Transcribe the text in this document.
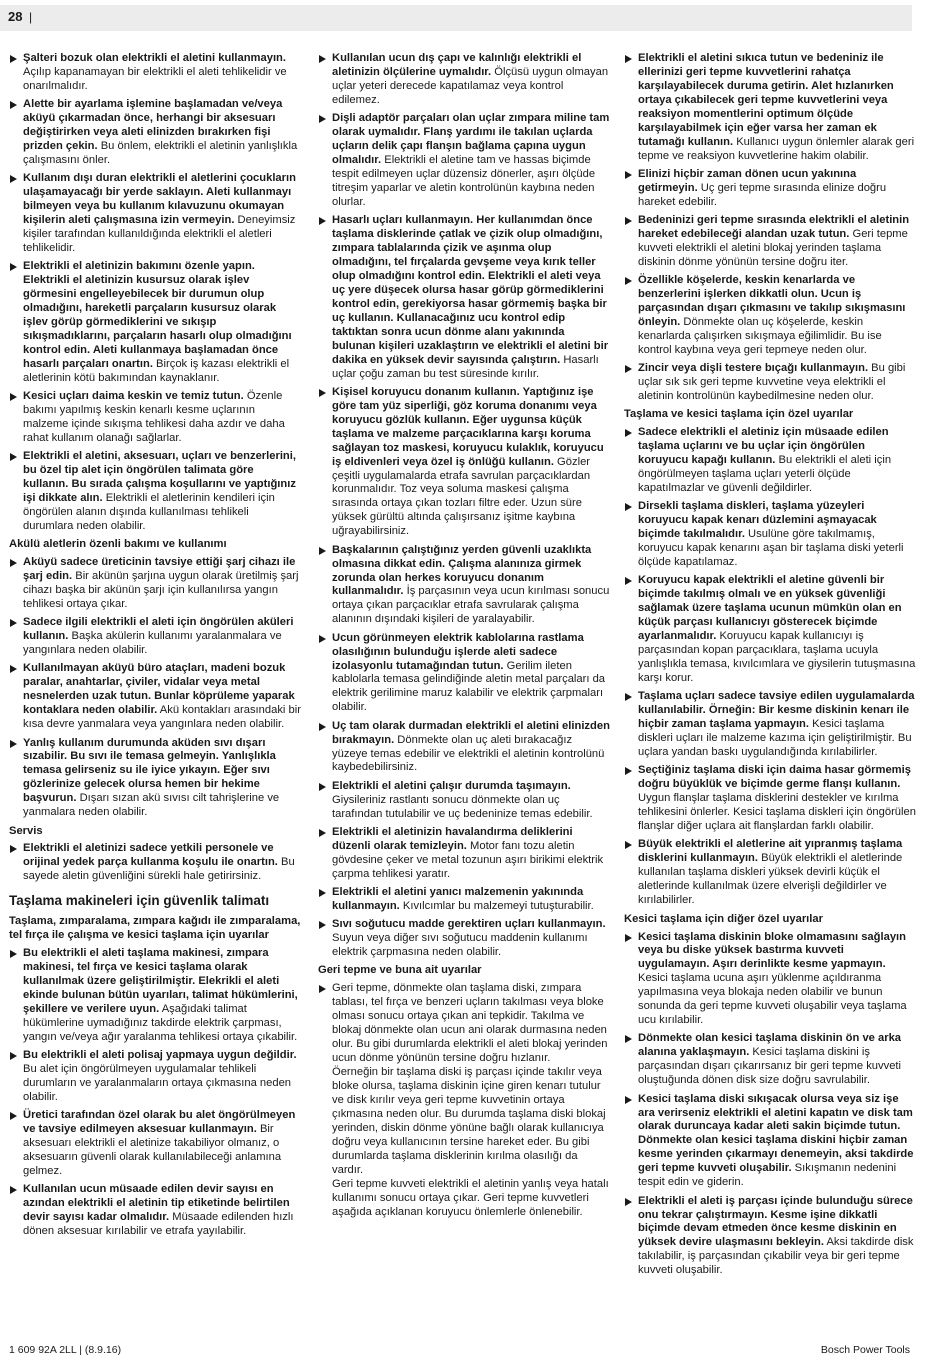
28 |
Şalteri bozuk olan elektrikli el aletini kullanmayın. Açılıp kapanamayan bir elektrikli el aleti tehlikelidir ve onarılmalıdır.
Alette bir ayarlama işlemine başlamadan ve/veya aküyü çıkarmadan önce, herhangi bir aksesuarı değiştirirken veya aleti elinizden bırakırken fişi prizden çekin. Bu önlem, elektrikli el aletinin yanlışlıkla çalışmasını önler.
Kullanım dışı duran elektrikli el aletlerini çocukların ulaşamayacağı bir yerde saklayın. Aleti kullanmayı bilmeyen veya bu kullanım kılavuzunu okumayan kişilerin aleti çalışmasına izin vermeyin. Deneyimsiz kişiler tarafından kullanıldığında elektrikli el aletleri tehlikelidir.
Elektrikli el aletinizin bakımını özenle yapın. Elektrikli el aletinizin kusursuz olarak işlev görmesini engelleyebilecek bir durumun olup olmadığını, hareketli parçaların kusursuz olarak işlev görüp görmediklerini ve sıkışıp sıkışmadıklarını, parçaların hasarlı olup olmadığını kontrol edin. Aleti kullanmaya başlamadan önce hasarlı parçaları onartın. Birçok iş kazası elektrikli el aletlerinin kötü bakımından kaynaklanır.
Kesici uçları daima keskin ve temiz tutun. Özenle bakımı yapılmış keskin kenarlı kesme uçlarının malzeme içinde sıkışma tehlikesi daha azdır ve daha rahat kullanım olanağı sağlarlar.
Elektrikli el aletini, aksesuarı, uçları ve benzerlerini, bu özel tip alet için öngörülen talimata göre kullanın. Bu sırada çalışma koşullarını ve yaptığınız işi dikkate alın. Elektrikli el aletlerinin kendileri için öngörülen alanın dışında kullanılması tehlikeli durumlara neden olabilir.
Akülü aletlerin özenli bakımı ve kullanımı
Aküyü sadece üreticinin tavsiye ettiği şarj cihazı ile şarj edin. Bir akünün şarjına uygun olarak üretilmiş şarj cihazı başka bir akünün şarjı için kullanılırsa yangın tehlikesi ortaya çıkar.
Sadece ilgili elektrikli el aleti için öngörülen aküleri kullanın. Başka akülerin kullanımı yaralanmalara ve yangınlara neden olabilir.
Kullanılmayan aküyü büro ataçları, madeni bozuk paralar, anahtarlar, çiviler, vidalar veya metal nesnelerden uzak tutun. Bunlar köprüleme yaparak kontaklara neden olabilir. Akü kontakları arasındaki bir kısa devre yanmalara veya yangınlara neden olabilir.
Yanlış kullanım durumunda aküden sıvı dışarı sızabilir. Bu sıvı ile temasa gelmeyin. Yanlışlıkla temasa gelirseniz su ile iyice yıkayın. Eğer sıvı gözlerinize gelecek olursa hemen bir hekime başvurun. Dışarı sızan akü sıvısı cilt tahrişlerine ve yanmalara neden olabilir.
Servis
Elektrikli el aletinizi sadece yetkili personele ve orijinal yedek parça kullanma koşulu ile onartın. Bu sayede aletin güvenliğini sürekli hale getirirsiniz.
Taşlama makineleri için güvenlik talimatı
Taşlama, zımparalama, zımpara kağıdı ile zımparalama, tel fırça ile çalışma ve kesici taşlama için uyarılar
Bu elektrikli el aleti taşlama makinesi, zımpara makinesi, tel fırça ve kesici taşlama olarak kullanılmak üzere geliştirilmiştir. Elekrikli el aleti ekinde bulunan bütün uyarıları, talimat hükümlerini, şekillere ve verilere uyun. Aşağıdaki talimat hükümlerine uymadığınız takdirde elektrik çarpması, yangın ve/veya ağır yaralanma tehlikesi ortaya çıkabilir.
Bu elektrikli el aleti polisaj yapmaya uygun değildir. Bu alet için öngörülmeyen uygulamalar tehlikeli durumların ve yaralanmaların ortaya çıkmasına neden olabilir.
Üretici tarafından özel olarak bu alet öngörülmeyen ve tavsiye edilmeyen aksesuar kullanmayın. Bir aksesuarı elektrikli el aletinize takabiliyor olmanız, o aksesuarın güvenli olarak kullanılabileceği anlamına gelmez.
Kullanılan ucun müsaade edilen devir sayısı en azından elektrikli el aletinin tip etiketinde belirtilen devir sayısı kadar olmalıdır. Müsaade edilenden hızlı dönen aksesuar kırılabilir ve etrafa yayılabilir.
Kullanılan ucun dış çapı ve kalınlığı elektrikli el aletinizin ölçülerine uymalıdır. Ölçüsü uygun olmayan uçlar yeteri derecede kapatılamaz veya kontrol edilemez.
Dişli adaptör parçaları olan uçlar zımpara miline tam olarak uymalıdır. Flanş yardımı ile takılan uçlarda uçların delik çapı flanşın bağlama çapına uygun olmalıdır. Elektrikli el aletine tam ve hassas biçimde tespit edilmeyen uçlar düzensiz dönerler, aşırı ölçüde titreşim yaparlar ve aletin kontrolünün kaybına neden olurlar.
Hasarlı uçları kullanmayın. Her kullanımdan önce taşlama disklerinde çatlak ve çizik olup olmadığını, zımpara tablalarında çizik ve aşınma olup olmadığını, tel fırçalarda gevşeme veya kırık teller olup olmadığını kontrol edin. Elektrikli el aleti veya uç yere düşecek olursa hasar görüp görmediklerini kontrol edin, gerekiyorsa hasar görmemiş başka bir uç kullanın. Kullanacağınız ucu kontrol edip taktıktan sonra ucun dönme alanı yakınında bulunan kişileri uzaklaştırın ve elektrikli el aletini bir dakika en yüksek devir sayısında çalıştırın. Hasarlı uçlar çoğu zaman bu test süresinde kırılır.
Kişisel koruyucu donanım kullanın. Yaptığınız işe göre tam yüz siperliği, göz koruma donanımı veya koruyucu gözlük kullanın. Eğer uygunsa küçük taşlama ve malzeme parçacıklarına karşı koruma sağlayan toz maskesi, koruyucu kulaklık, koruyucu iş eldivenleri veya özel iş önlüğü kullanın. Gözler çeşitli uygulamalarda etrafa savrulan parçacıklardan korunmalıdır. Toz veya soluma maskesi çalışma sırasında ortaya çıkan tozları filtre eder. Uzun süre yüksek gürültü altında çalışırsanız işitme kaybına uğrayabilirsiniz.
Başkalarının çalıştığınız yerden güvenli uzaklıkta olmasına dikkat edin. Çalışma alanınıza girmek zorunda olan herkes koruyucu donanım kullanmalıdır. İş parçasının veya ucun kırılması sonucu ortaya çıkan parçacıklar etrafa savrularak çalışma alanının dışındaki kişileri de yaralayabilir.
Ucun görünmeyen elektrik kablolarına rastlama olasılığının bulunduğu işlerde aleti sadece izolasyonlu tutamağından tutun. Gerilim ileten kablolarla temasa gelindiğinde aletin metal parçaları da elektrik gerilimine maruz kalabilir ve elektrik çarpmaları olabilir.
Uç tam olarak durmadan elektrikli el aletini elinizden bırakmayın. Dönmekte olan uç aleti bırakacağız yüzeye temas edebilir ve elektrikli el aletinin kontrolünü kaybedebilirsiniz.
Elektrikli el aletini çalışır durumda taşımayın. Giysileriniz rastlantı sonucu dönmekte olan uç tarafından tutulabilir ve uç bedeninize temas edebilir.
Elektrikli el aletinizin havalandırma deliklerini düzenli olarak temizleyin. Motor fanı tozu aletin gövdesine çeker ve metal tozunun aşırı birikimi elektrik çarpma tehlikesi yaratır.
Elektrikli el aletini yanıcı malzemenin yakınında kullanmayın. Kıvılcımlar bu malzemeyi tutuşturabilir.
Sıvı soğutucu madde gerektiren uçları kullanmayın. Suyun veya diğer sıvı soğutucu maddenin kullanımı elektrik çarpmasına neden olabilir.
Geri tepme ve buna ait uyarılar
Geri tepme, dönmekte olan taşlama diski, zımpara tablası, tel fırça ve benzeri uçların takılması veya bloke olması sonucu ortaya çıkan ani tepkidir. Takılma ve blokaj dönmekte olan ucun ani olarak durmasına neden olur. Bu gibi durumlarda elektrikli el aleti blokaj yerinden ucun dönme yönünün tersine doğru hızlanır.
Öerneğin bir taşlama diski iş parçası içinde takılır veya bloke olursa, taşlama diskinin içine giren kenarı tutulur ve disk kırılır veya geri tepme kuvvetinin ortaya çıkmasına neden olur. Bu durumda taşlama diski blokaj yerinden, diskin dönme yönüne bağlı olarak kullanıcıya doğru veya kullanıcının tersine hareket eder. Bu gibi durumlarda taşlama disklerinin kırılma olasılığı da vardır.
Geri tepme kuvveti elektrikli el aletinin yanlış veya hatalı kullanımı sonucu ortaya çıkar. Geri tepme kuvvetleri aşağıda açıklanan koruyucu önlemlerle önlenebilir.
Elektrikli el aletini sıkıca tutun ve bedeniniz ile ellerinizi geri tepme kuvvetlerini rahatça karşılayabilecek duruma getirin. Alet hızlanırken ortaya çıkabilecek geri tepme kuvvetlerini veya reaksiyon momentlerini optimum ölçüde karşılayabilmek için eğer varsa her zaman ek tutamağı kullanın. Kullanıcı uygun önlemler alarak geri tepme ve reaksiyon kuvvetlerine hakim olabilir.
Elinizi hiçbir zaman dönen ucun yakınına getirmeyin. Uç geri tepme sırasında elinize doğru hareket edebilir.
Bedeninizi geri tepme sırasında elektrikli el aletinin hareket edebileceği alandan uzak tutun. Geri tepme kuvveti elektrikli el aletini blokaj yerinden taşlama diskinin dönme yönünün tersine doğru iter.
Özellikle köşelerde, keskin kenarlarda ve benzerlerini işlerken dikkatli olun. Ucun iş parçasından dışarı çıkmasını ve takılıp sıkışmasını önleyin. Dönmekte olan uç köşelerde, keskin kenarlarda çalışırken sıkışmaya eğilimlidir. Bu ise kontrol kaybına veya geri tepmeye neden olur.
Zincir veya dişli testere bıçağı kullanmayın. Bu gibi uçlar sık sık geri tepme kuvvetine veya elektrikli el aletinin kontrolünün kaybedilmesine neden olur.
Taşlama ve kesici taşlama için özel uyarılar
Sadece elektrikli el aletiniz için müsaade edilen taşlama uçlarını ve bu uçlar için öngörülen koruyucu kapağı kullanın. Bu elektrikli el aleti için öngörülmeyen taşlama uçları yeterli ölçüde kapatılmazlar ve güvenli değildirler.
Dirsekli taşlama diskleri, taşlama yüzeyleri koruyucu kapak kenarı düzlemini aşmayacak biçimde takılmalıdır. Usulüne göre takılmamış, koruyucu kapak kenarını aşan bir taşlama diski yeterli ölçüde kapatılamaz.
Koruyucu kapak elektrikli el aletine güvenli bir biçimde takılmış olmalı ve en yüksek güvenliği sağlamak üzere taşlama ucunun mümkün olan en küçük parçası kullanıcıyı gösterecek biçimde ayarlanmalıdır. Koruyucu kapak kullanıcıyı iş parçasından kopan parçacıklara, taşlama ucuyla yanlışlıkla temasa, kıvılcımlara ve giysilerin tutuşmasına karşı korur.
Taşlama uçları sadece tavsiye edilen uygulamalarda kullanılabilir. Örneğin: Bir kesme diskinin kenarı ile hiçbir zaman taşlama yapmayın. Kesici taşlama diskleri uçları ile malzeme kazıma için geliştirilmiştir. Bu uçlara yandan baskı uygulandığında kırılabilirler.
Seçtiğiniz taşlama diski için daima hasar görmemiş doğru büyüklük ve biçimde germe flanşı kullanın. Uygun flanşlar taşlama disklerini destekler ve kırılma tehlikesini önlerler. Kesici taşlama diskleri için öngörülen flanşlar diğer uçlara ait flanşlardan farklı olabilir.
Büyük elektrikli el aletlerine ait yıpranmış taşlama disklerini kullanmayın. Büyük elektrikli el aletlerinde kullanılan taşlama diskleri yüksek devirli küçük el aletlerinde kullanılmak üzere elverişli değildirler ve kırılabilirler.
Kesici taşlama için diğer özel uyarılar
Kesici taşlama diskinin bloke olmamasını sağlayın veya bu diske yüksek bastırma kuvveti uygulamayın. Aşırı derinlikte kesme yapmayın. Kesici taşlama ucuna aşırı yüklenme açıldıranma yapılmasına veya blokaja neden olabilir ve bunun sonunda da geri tepme kuvveti oluşabilir veya taşlama ucu kırılabilir.
Dönmekte olan kesici taşlama diskinin ön ve arka alanına yaklaşmayın. Kesici taşlama diskini iş parçasından dışarı çıkarırsanız bir geri tepme kuvveti oluştuğunda dönen disk size doğru savrulabilir.
Kesici taşlama diski sıkışacak olursa veya siz işe ara verirseniz elektrikli el aletini kapatın ve disk tam olarak duruncaya kadar aleti sakin biçimde tutun. Dönmekte olan kesici taşlama diskini hiçbir zaman kesme yerinden çıkarmayı denemeyin, aksi takdirde geri tepme kuvveti oluşabilir. Sıkışmanın nedenini tespit edin ve giderin.
Elektrikli el aleti iş parçası içinde bulunduğu sürece onu tekrar çalıştırmayın. Kesme işine dikkatli biçimde devam etmeden önce kesme diskinin en yüksek devire ulaşmasını bekleyin. Aksi takdirde disk takılabilir, iş parçasından çıkabilir veya bir geri tepme kuvveti oluşabilir.
1 609 92A 2LL | (8.9.16)	Bosch Power Tools
